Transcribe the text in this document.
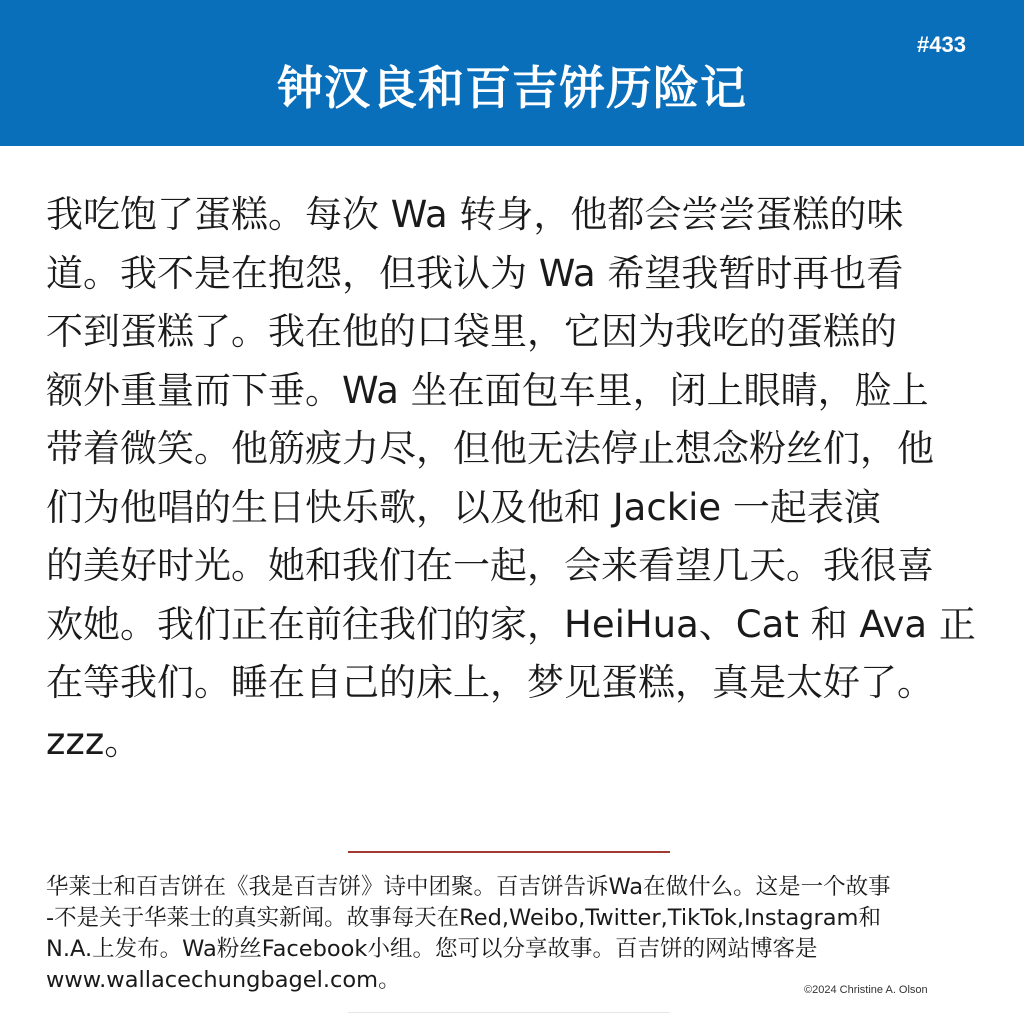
钟汉良和百吉饼历险记
#433
我吃饱了蛋糕。每次 Wa 转身，他都会尝尝蛋糕的味
道。我不是在抱怨，但我认为 Wa 希望我暂时再也看
不到蛋糕了。我在他的口袋里，它因为我吃的蛋糕的
额外重量而下垂。Wa 坐在面包车里，闭上眼睛，脸上
带着微笑。他筋疲力尽，但他无法停止想念粉丝们，他
们为他唱的生日快乐歌，以及他和 Jackie 一起表演
的美好时光。她和我们在一起，会来看望几天。我很喜
欢她。我们正在前往我们的家，HeiHua、Cat 和 Ava 正
在等我们。睡在自己的床上，梦见蛋糕，真是太好了。
zzz。
华莱士和百吉饼在《我是百吉饼》诗中团聚。百吉饼告诉Wa在做什么。这是一个故事
-不是关于华莱士的真实新闻。故事每天在Red,Weibo,Twitter,TikTok,Instagram和
N.A.上发布。Wa粉丝Facebook小组。您可以分享故事。百吉饼的网站博客是
www.wallacechungbagel.com。	©2024 Christine A. Olson
